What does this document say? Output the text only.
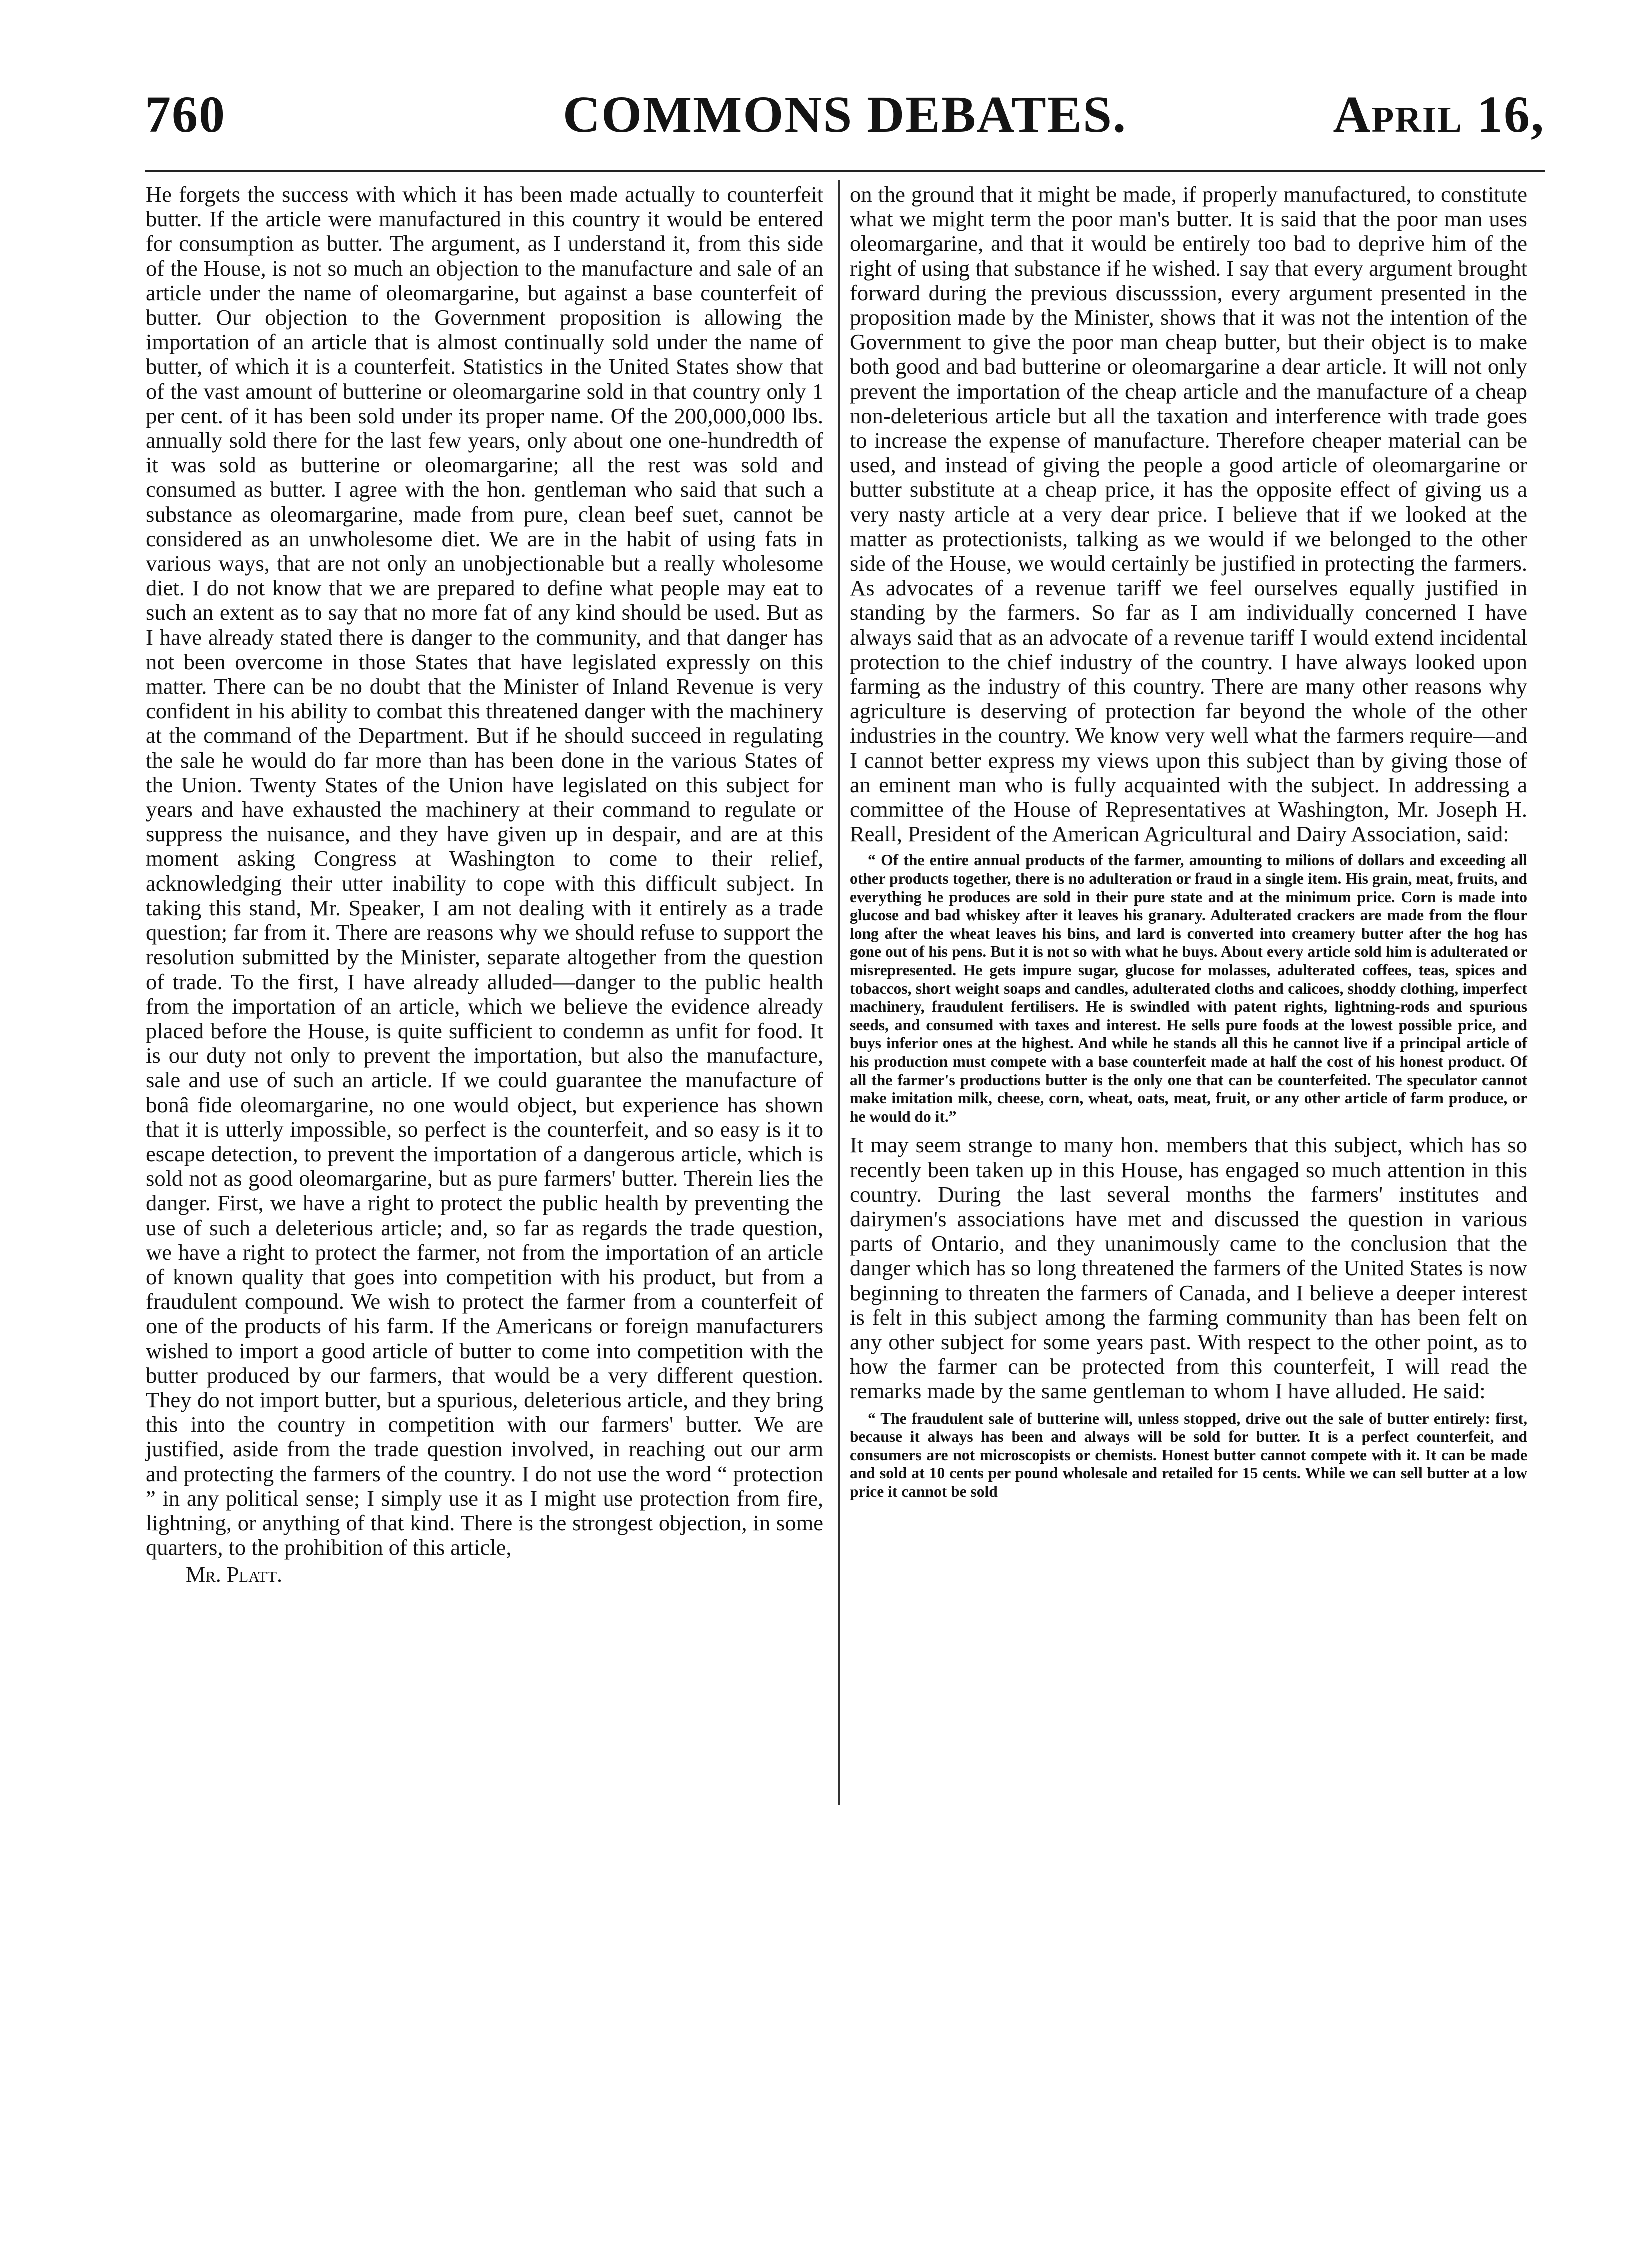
760	COMMONS DEBATES.	April 16,

He forgets the success with which it has been made actually to counterfeit butter. If the article were manufactured in this country it would be entered for consumption as butter. The argument, as I understand it, from this side of the House, is not so much an objection to the manufacture and sale of an article under the name of oleomargarine, but against a base counterfeit of butter. Our objection to the Government proposition is allowing the importation of an article that is almost continually sold under the name of butter, of which it is a counterfeit. Statistics in the United States show that of the vast amount of butterine or oleomargarine sold in that country only 1 per cent. of it has been sold under its proper name. Of the 200,000,000 lbs. annually sold there for the last few years, only about one one-hundredth of it was sold as butterine or oleomargarine; all the rest was sold and consumed as butter. I agree with the hon. gentleman who said that such a substance as oleomargarine, made from pure, clean beef suet, cannot be considered as an unwholesome diet. We are in the habit of using fats in various ways, that are not only an unobjectionable but a really wholesome diet. I do not know that we are prepared to define what people may eat to such an extent as to say that no more fat of any kind should be used. But as I have already stated there is danger to the community, and that danger has not been overcome in those States that have legislated expressly on this matter. There can be no doubt that the Minister of Inland Revenue is very confident in his ability to combat this threatened danger with the machinery at the command of the Department. But if he should succeed in regulating the sale he would do far more than has been done in the various States of the Union. Twenty States of the Union have legislated on this subject for years and have exhausted the machinery at their command to regulate or suppress the nuisance, and they have given up in despair, and are at this moment asking Congress at Washington to come to their relief, acknowledging their utter inability to cope with this difficult subject. In taking this stand, Mr. Speaker, I am not dealing with it entirely as a trade question; far from it. There are reasons why we should refuse to support the resolution submitted by the Minister, separate altogether from the question of trade. To the first, I have already alluded—danger to the public health from the importation of an article, which we believe the evidence already placed before the House, is quite sufficient to condemn as unfit for food. It is our duty not only to prevent the importation, but also the manufacture, sale and use of such an article. If we could guarantee the manufacture of bonâ fide oleomargarine, no one would object, but experience has shown that it is utterly impossible, so perfect is the counterfeit, and so easy is it to escape detection, to prevent the importation of a dangerous article, which is sold not as good oleomargarine, but as pure farmers' butter. Therein lies the danger. First, we have a right to protect the public health by preventing the use of such a deleterious article; and, so far as regards the trade question, we have a right to protect the farmer, not from the importation of an article of known quality that goes into competition with his product, but from a fraudulent compound. We wish to protect the farmer from a counterfeit of one of the products of his farm. If the Americans or foreign manufacturers wished to import a good article of butter to come into competition with the butter produced by our farmers, that would be a very different question. They do not import butter, but a spurious, deleterious article, and they bring this into the country in competition with our farmers' butter. We are justified, aside from the trade question involved, in reaching out our arm and protecting the farmers of the country. I do not use the word “ protection ” in any political sense; I simply use it as I might use protection from fire, lightning, or anything of that kind. There is the strongest objection, in some quarters, to the prohibition of this article,

Mr. Platt.

on the ground that it might be made, if properly manufactured, to constitute what we might term the poor man's butter. It is said that the poor man uses oleomargarine, and that it would be entirely too bad to deprive him of the right of using that substance if he wished. I say that every argument brought forward during the previous discusssion, every argument presented in the proposition made by the Minister, shows that it was not the intention of the Government to give the poor man cheap butter, but their object is to make both good and bad butterine or oleomargarine a dear article. It will not only prevent the importation of the cheap article and the manufacture of a cheap non-deleterious article but all the taxation and interference with trade goes to increase the expense of manufacture. Therefore cheaper material can be used, and instead of giving the people a good article of oleomargarine or butter substitute at a cheap price, it has the opposite effect of giving us a very nasty article at a very dear price. I believe that if we looked at the matter as protectionists, talking as we would if we belonged to the other side of the House, we would certainly be justified in protecting the farmers. As advocates of a revenue tariff we feel ourselves equally justified in standing by the farmers. So far as I am individually concerned I have always said that as an advocate of a revenue tariff I would extend incidental protection to the chief industry of the country. I have always looked upon farming as the industry of this country. There are many other reasons why agriculture is deserving of protection far beyond the whole of the other industries in the country. We know very well what the farmers require—and I cannot better express my views upon this subject than by giving those of an eminent man who is fully acquainted with the subject. In addressing a committee of the House of Representatives at Washington, Mr. Joseph H. Reall, President of the American Agricultural and Dairy Association, said:

“ Of the entire annual products of the farmer, amounting to milions of dollars and exceeding all other products together, there is no adulteration or fraud in a single item. His grain, meat, fruits, and everything he produces are sold in their pure state and at the minimum price. Corn is made into glucose and bad whiskey after it leaves his granary. Adulterated crackers are made from the flour long after the wheat leaves his bins, and lard is converted into creamery butter after the hog has gone out of his pens. But it is not so with what he buys. About every article sold him is adulterated or misrepresented. He gets impure sugar, glucose for molasses, adulterated coffees, teas, spices and tobaccos, short weight soaps and candles, adulterated cloths and calicoes, shoddy clothing, imperfect machinery, fraudulent fertilisers. He is swindled with patent rights, lightning-rods and spurious seeds, and consumed with taxes and interest. He sells pure foods at the lowest possible price, and buys inferior ones at the highest. And while he stands all this he cannot live if a principal article of his production must compete with a base counterfeit made at half the cost of his honest product. Of all the farmer's productions butter is the only one that can be counterfeited. The speculator cannot make imitation milk, cheese, corn, wheat, oats, meat, fruit, or any other article of farm produce, or he would do it.”

It may seem strange to many hon. members that this subject, which has so recently been taken up in this House, has engaged so much attention in this country. During the last several months the farmers' institutes and dairymen's associations have met and discussed the question in various parts of Ontario, and they unanimously came to the conclusion that the danger which has so long threatened the farmers of the United States is now beginning to threaten the farmers of Canada, and I believe a deeper interest is felt in this subject among the farming community than has been felt on any other subject for some years past. With respect to the other point, as to how the farmer can be protected from this counterfeit, I will read the remarks made by the same gentleman to whom I have alluded. He said:

“ The fraudulent sale of butterine will, unless stopped, drive out the sale of butter entirely: first, because it always has been and always will be sold for butter. It is a perfect counterfeit, and consumers are not microscopists or chemists. Honest butter cannot compete with it. It can be made and sold at 10 cents per pound wholesale and retailed for 15 cents. While we can sell butter at a low price it cannot be sold
